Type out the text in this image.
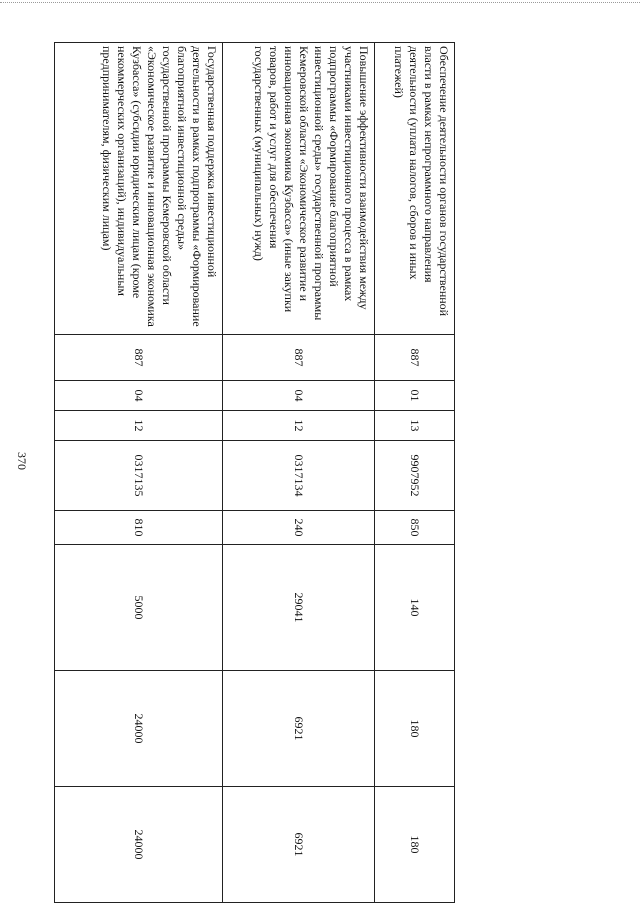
370
Обеспечение деятельности органов государственной власти в рамках непрограммного направления деятельности (уплата налогов, сборов и иных платежей)	887	01	13	9907952	850	140	180	180
Повышение эффективности взаимодействия между участниками инвестиционного процесса в рамках подпрограммы «Формирование благоприятной инвестиционной среды» государственной программы Кемеровской области «Экономическое развитие и инновационная экономика Кузбасса» (иные закупки товаров, работ и услуг для обеспечения государственных (муниципальных) нужд)	887	04	12	0317134	240	29041	6921	6921
Государственная поддержка инвестиционной деятельности в рамках подпрограммы «Формирование благоприятной инвестиционной среды» государственной программы Кемеровской области «Экономическое развитие и инновационная экономика Кузбасса» (субсидии юридическим лицам (кроме некоммерческих организаций), индивидуальным предпринимателям, физическим лицам)	887	04	12	0317135	810	5000	24000	24000
